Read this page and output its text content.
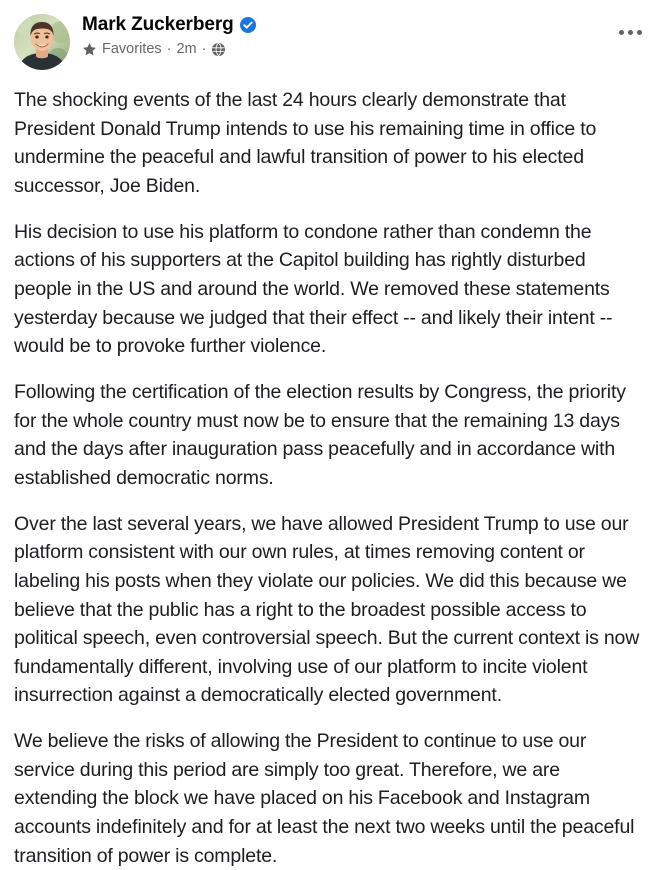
Mark Zuckerberg
Favorites · 2m ·

The shocking events of the last 24 hours clearly demonstrate that President Donald Trump intends to use his remaining time in office to undermine the peaceful and lawful transition of power to his elected successor, Joe Biden.

His decision to use his platform to condone rather than condemn the actions of his supporters at the Capitol building has rightly disturbed people in the US and around the world. We removed these statements yesterday because we judged that their effect -- and likely their intent -- would be to provoke further violence.

Following the certification of the election results by Congress, the priority for the whole country must now be to ensure that the remaining 13 days and the days after inauguration pass peacefully and in accordance with established democratic norms.

Over the last several years, we have allowed President Trump to use our platform consistent with our own rules, at times removing content or labeling his posts when they violate our policies. We did this because we believe that the public has a right to the broadest possible access to political speech, even controversial speech. But the current context is now fundamentally different, involving use of our platform to incite violent insurrection against a democratically elected government.

We believe the risks of allowing the President to continue to use our service during this period are simply too great. Therefore, we are extending the block we have placed on his Facebook and Instagram accounts indefinitely and for at least the next two weeks until the peaceful transition of power is complete.
